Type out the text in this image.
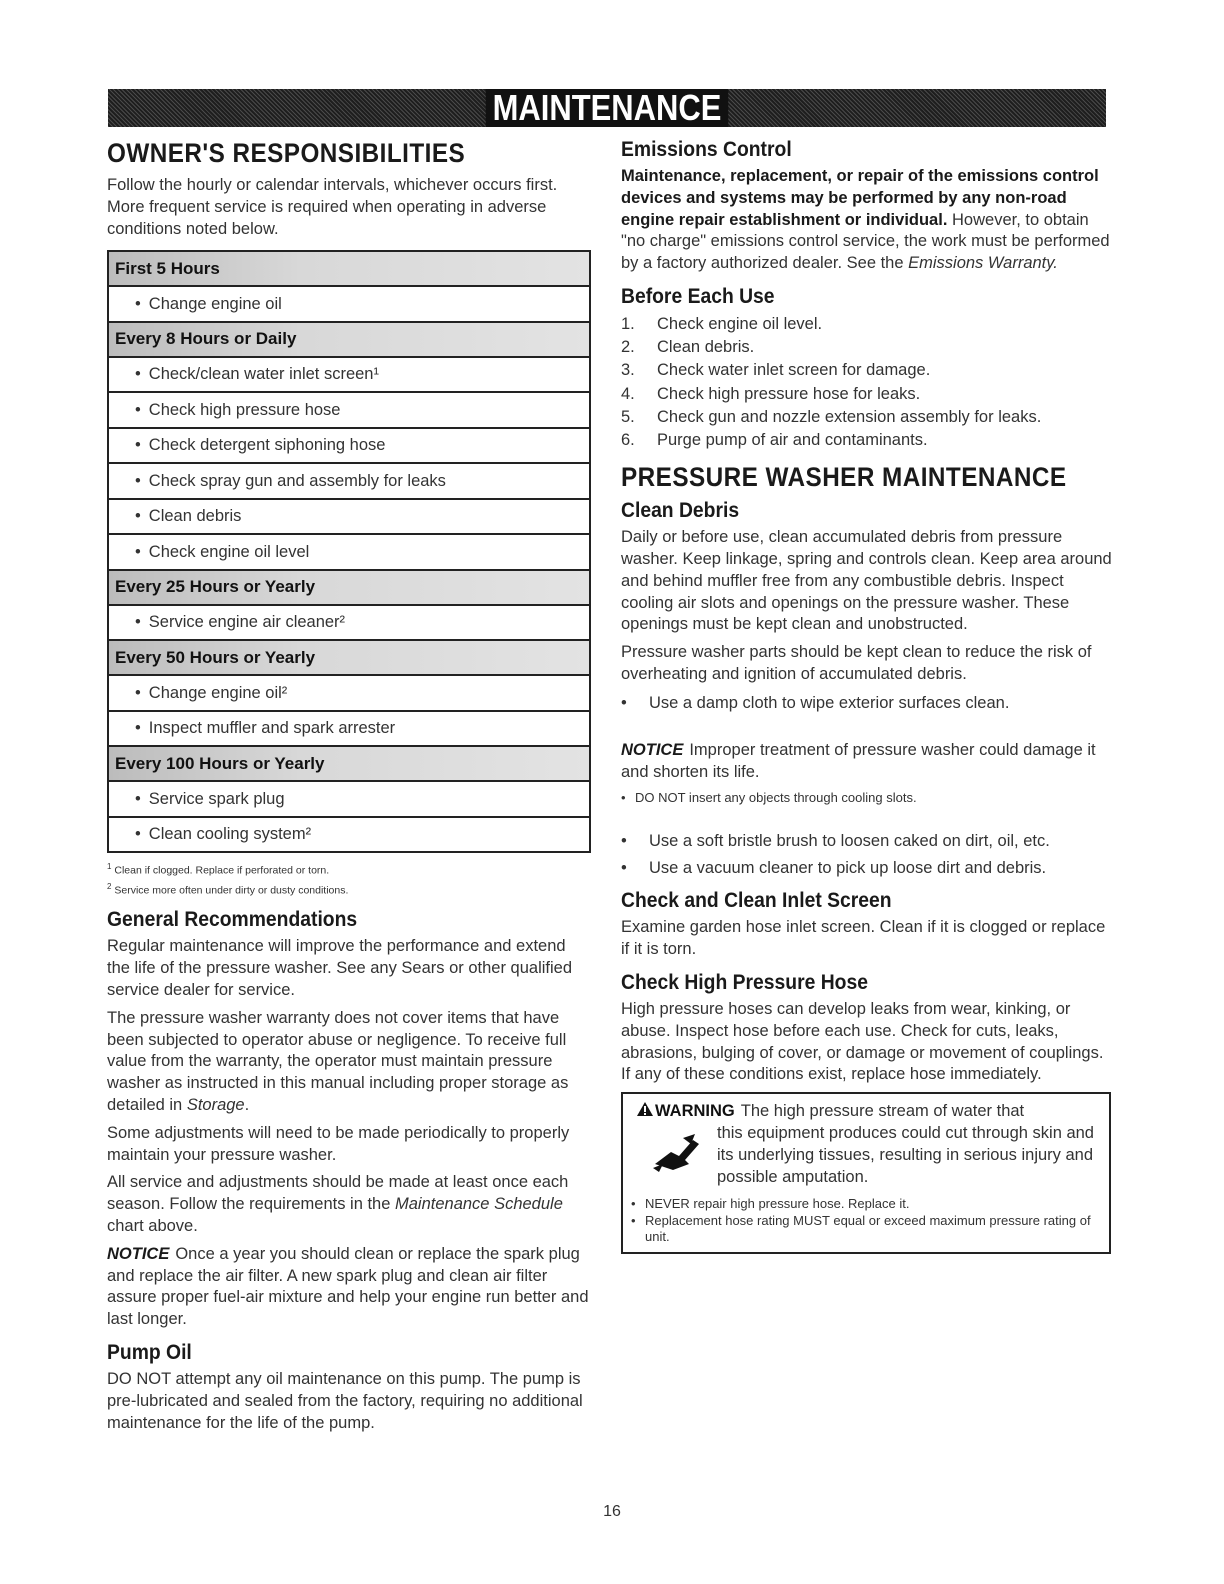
MAINTENANCE
OWNER'S RESPONSIBILITIES
Follow the hourly or calendar intervals, whichever occurs first. More frequent service is required when operating in adverse conditions noted below.
First 5 Hours
• Change engine oil
Every 8 Hours or Daily
• Check/clean water inlet screen¹
• Check high pressure hose
• Check detergent siphoning hose
• Check spray gun and assembly for leaks
• Clean debris
• Check engine oil level
Every 25 Hours or Yearly
• Service engine air cleaner²
Every 50 Hours or Yearly
• Change engine oil²
• Inspect muffler and spark arrester
Every 100 Hours or Yearly
• Service spark plug
• Clean cooling system²
$^1$ Clean if clogged. Replace if perforated or torn.
$^2$ Service more often under dirty or dusty conditions.
General Recommendations
Regular maintenance will improve the performance and extend the life of the pressure washer. See any Sears or other qualified service dealer for service.
The pressure washer warranty does not cover items that have been subjected to operator abuse or negligence. To receive full value from the warranty, the operator must maintain pressure washer as instructed in this manual including proper storage as detailed in Storage.
Some adjustments will need to be made periodically to properly maintain your pressure washer.
All service and adjustments should be made at least once each season. Follow the requirements in the Maintenance Schedule chart above.
NOTICE Once a year you should clean or replace the spark plug and replace the air filter. A new spark plug and clean air filter assure proper fuel-air mixture and help your engine run better and last longer.
Pump Oil
DO NOT attempt any oil maintenance on this pump. The pump is pre-lubricated and sealed from the factory, requiring no additional maintenance for the life of the pump.
Emissions Control
Maintenance, replacement, or repair of the emissions control devices and systems may be performed by any non-road engine repair establishment or individual. However, to obtain "no charge" emissions control service, the work must be performed by a factory authorized dealer. See the Emissions Warranty.
Before Each Use
1.	Check engine oil level.
2.	Clean debris.
3.	Check water inlet screen for damage.
4.	Check high pressure hose for leaks.
5.	Check gun and nozzle extension assembly for leaks.
6.	Purge pump of air and contaminants.
PRESSURE WASHER MAINTENANCE
Clean Debris
Daily or before use, clean accumulated debris from pressure washer. Keep linkage, spring and controls clean. Keep area around and behind muffler free from any combustible debris. Inspect cooling air slots and openings on the pressure washer. These openings must be kept clean and unobstructed.
Pressure washer parts should be kept clean to reduce the risk of overheating and ignition of accumulated debris.
•	Use a damp cloth to wipe exterior surfaces clean.
NOTICE Improper treatment of pressure washer could damage it and shorten its life.
• DO NOT insert any objects through cooling slots.
•	Use a soft bristle brush to loosen caked on dirt, oil, etc.
•	Use a vacuum cleaner to pick up loose dirt and debris.
Check and Clean Inlet Screen
Examine garden hose inlet screen. Clean if it is clogged or replace if it is torn.
Check High Pressure Hose
High pressure hoses can develop leaks from wear, kinking, or abuse. Inspect hose before each use. Check for cuts, leaks, abrasions, bulging of cover, or damage or movement of couplings. If any of these conditions exist, replace hose immediately.
WARNING The high pressure stream of water that
this equipment produces could cut through skin and its underlying tissues, resulting in serious injury and possible amputation.
• NEVER repair high pressure hose. Replace it.
• Replacement hose rating MUST equal or exceed maximum pressure rating of unit.
16
